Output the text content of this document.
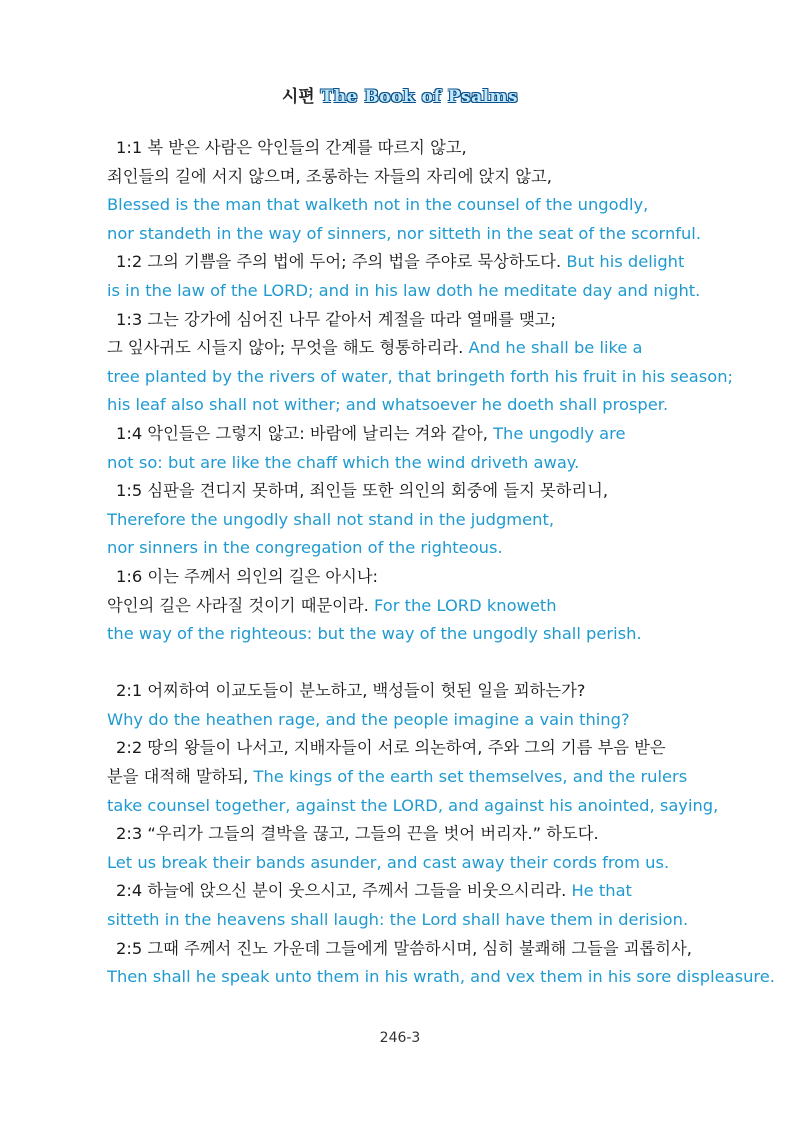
시편 The Book of Psalms
1:1 복 받은 사람은 악인들의 간계를 따르지 않고,
죄인들의 길에 서지 않으며, 조롱하는 자들의 자리에 앉지 않고,
Blessed is the man that walketh not in the counsel of the ungodly,
nor standeth in the way of sinners, nor sitteth in the seat of the scornful.
1:2 그의 기쁨을 주의 법에 두어; 주의 법을 주야로 묵상하도다. But his delight
is in the law of the LORD; and in his law doth he meditate day and night.
1:3 그는 강가에 심어진 나무 같아서 계절을 따라 열매를 맺고;
그 잎사귀도 시들지 않아; 무엇을 해도 형통하리라. And he shall be like a
tree planted by the rivers of water, that bringeth forth his fruit in his season;
his leaf also shall not wither; and whatsoever he doeth shall prosper.
1:4 악인들은 그렇지 않고: 바람에 날리는 겨와 같아, The ungodly are
not so: but are like the chaff which the wind driveth away.
1:5 심판을 견디지 못하며, 죄인들 또한 의인의 회중에 들지 못하리니,
Therefore the ungodly shall not stand in the judgment,
nor sinners in the congregation of the righteous.
1:6 이는 주께서 의인의 길은 아시나:
악인의 길은 사라질 것이기 때문이라. For the LORD knoweth
the way of the righteous: but the way of the ungodly shall perish.
2:1 어찌하여 이교도들이 분노하고, 백성들이 헛된 일을 꾀하는가?
Why do the heathen rage, and the people imagine a vain thing?
2:2 땅의 왕들이 나서고, 지배자들이 서로 의논하여, 주와 그의 기름 부음 받은
분을 대적해 말하되, The kings of the earth set themselves, and the rulers
take counsel together, against the LORD, and against his anointed, saying,
2:3 “우리가 그들의 결박을 끊고, 그들의 끈을 벗어 버리자.” 하도다.
Let us break their bands asunder, and cast away their cords from us.
2:4 하늘에 앉으신 분이 웃으시고, 주께서 그들을 비웃으시리라. He that
sitteth in the heavens shall laugh: the Lord shall have them in derision.
2:5 그때 주께서 진노 가운데 그들에게 말씀하시며, 심히 불쾌해 그들을 괴롭히사,
Then shall he speak unto them in his wrath, and vex them in his sore displeasure.
246-3
